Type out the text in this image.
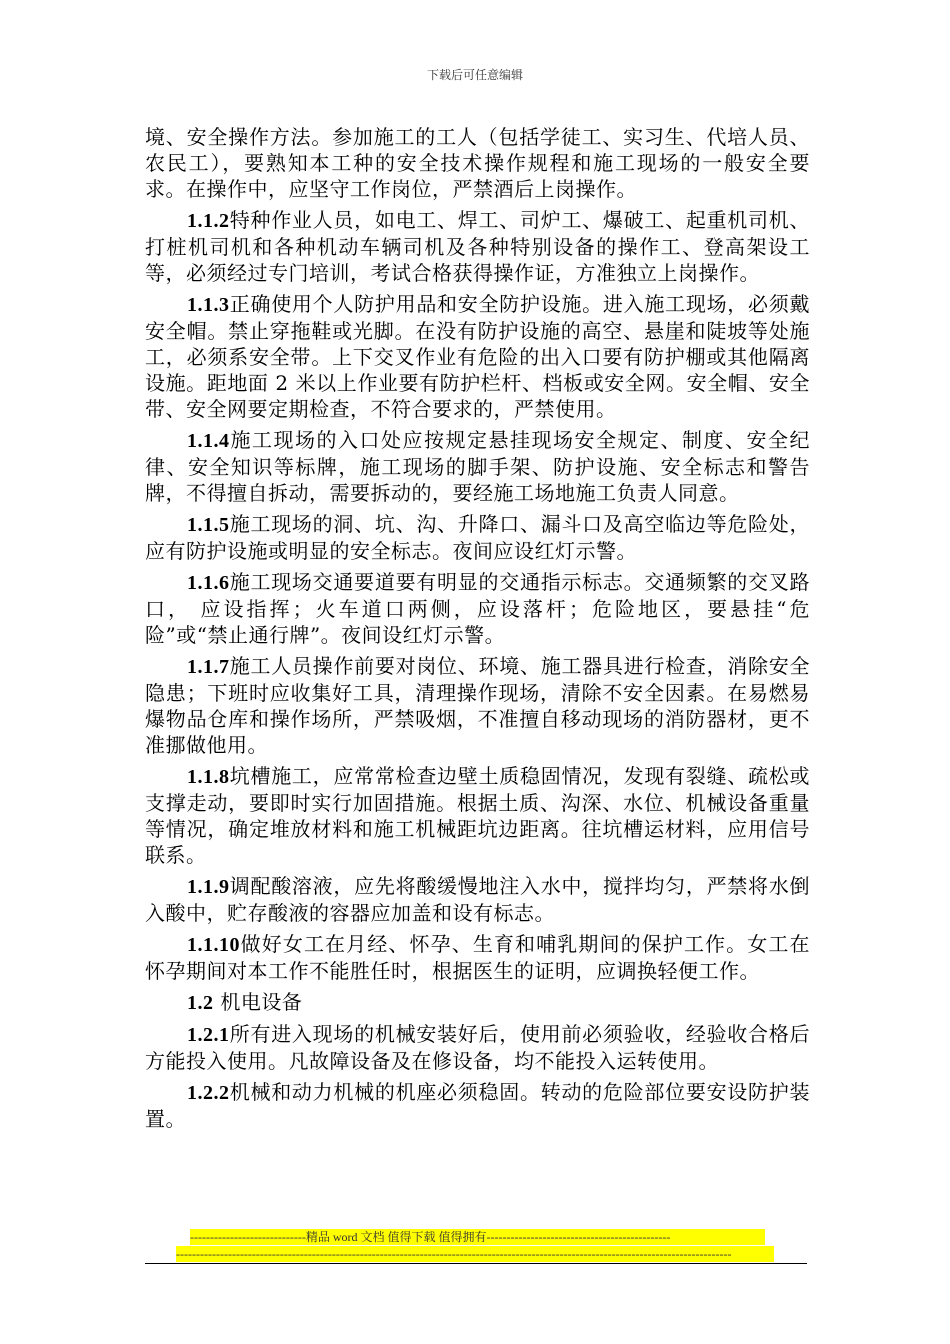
下载后可任意编辑

境、安全操作方法。参加施工的工人（包括学徒工、实习生、代培人员、农民工），要熟知本工种的安全技术操作规程和施工现场的一般安全要求。在操作中，应坚守工作岗位，严禁酒后上岗操作。

1.1.2特种作业人员，如电工、焊工、司炉工、爆破工、起重机司机、打桩机司机和各种机动车辆司机及各种特别设备的操作工、登高架设工等，必须经过专门培训，考试合格获得操作证，方准独立上岗操作。

1.1.3正确使用个人防护用品和安全防护设施。进入施工现场，必须戴安全帽。禁止穿拖鞋或光脚。在没有防护设施的高空、悬崖和陡坡等处施工，必须系安全带。上下交叉作业有危险的出入口要有防护棚或其他隔离设施。距地面 2 米以上作业要有防护栏杆、档板或安全网。安全帽、安全带、安全网要定期检查，不符合要求的，严禁使用。

1.1.4施工现场的入口处应按规定悬挂现场安全规定、制度、安全纪律、安全知识等标牌，施工现场的脚手架、防护设施、安全标志和警告牌，不得擅自拆动，需要拆动的，要经施工场地施工负责人同意。

1.1.5施工现场的洞、坑、沟、升降口、漏斗口及高空临边等危险处，应有防护设施或明显的安全标志。夜间应设红灯示警。

1.1.6施工现场交通要道要有明显的交通指示标志。交通频繁的交叉路口， 应设指挥；火车道口两侧，应设落杆；危险地区，要悬挂“危险”或“禁止通行牌”。夜间设红灯示警。

1.1.7施工人员操作前要对岗位、环境、施工器具进行检查，消除安全隐患；下班时应收集好工具，清理操作现场，清除不安全因素。在易燃易爆物品仓库和操作场所，严禁吸烟，不准擅自移动现场的消防器材，更不准挪做他用。

1.1.8坑槽施工，应常常检查边壁土质稳固情况，发现有裂缝、疏松或支撑走动，要即时实行加固措施。根据土质、沟深、水位、机械设备重量等情况，确定堆放材料和施工机械距坑边距离。往坑槽运材料，应用信号联系。

1.1.9调配酸溶液，应先将酸缓慢地注入水中，搅拌均匀，严禁将水倒入酸中，贮存酸液的容器应加盖和设有标志。

1.1.10做好女工在月经、怀孕、生育和哺乳期间的保护工作。女工在怀孕期间对本工作不能胜任时，根据医生的证明，应调换轻便工作。

1.2 机电设备

1.2.1所有进入现场的机械安装好后，使用前必须验收，经验收合格后方能投入使用。凡故障设备及在修设备，均不能投入运转使用。

1.2.2机械和动力机械的机座必须稳固。转动的危险部位要安设防护装置。

-----------------------------精品 word 文档 值得下载 值得拥有----------------------------------------------
-------------------------------------------------------------------------------------------------------------------------------------------
